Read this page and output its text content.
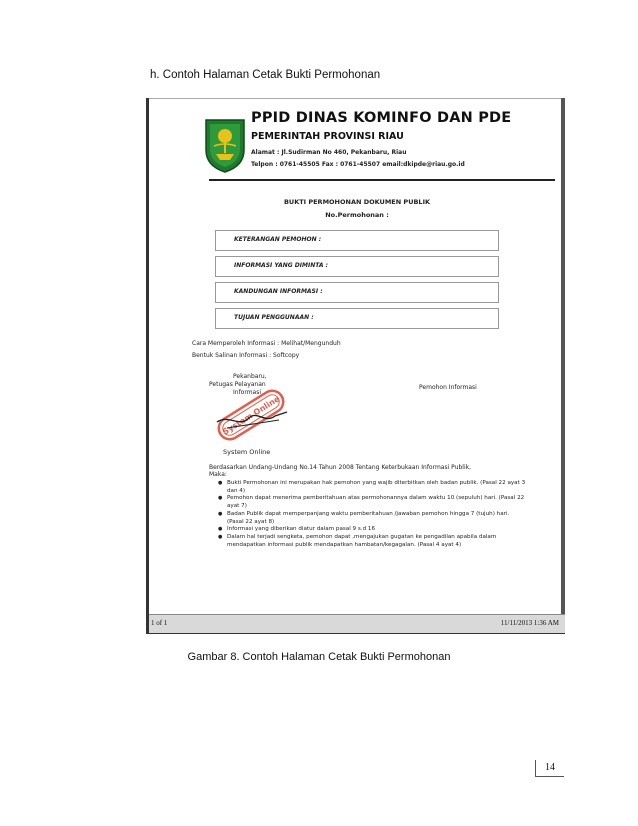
h. Contoh Halaman Cetak Bukti Permohonan
PPID DINAS KOMINFO DAN PDE
PEMERINTAH PROVINSI RIAU
Alamat : Jl.Sudirman No 460, Pekanbaru, Riau
Telpon : 0761-45505 Fax : 0761-45507 email:dkipde@riau.go.id
BUKTI PERMOHONAN DOKUMEN PUBLIK
No.Permohonan :
KETERANGAN PEMOHON :
INFORMASI YANG DIMINTA :
KANDUNGAN INFORMASI :
TUJUAN PENGGUNAAN :
Cara Memperoleh Informasi : Melihat/Mengunduh
Bentuk Salinan Informasi : Softcopy
Pekanbaru,
Petugas Pelayanan
Informasi
Pemohon Informasi
System Online
System Online
Berdasarkan Undang-Undang No.14 Tahun 2008 Tentang Keterbukaan Informasi Publik,
Maka:
● Bukti Permohonan ini merupakan hak pemohon yang wajib diterbitkan oleh badan publik. (Pasal 22 ayat 3 dan 4)
● Pemohon dapat menerima pemberitahuan atas permohonannya dalam waktu 10 (sepuluh) hari. (Pasal 22 ayat 7)
● Badan Publik dapat memperpanjang waktu pemberitahuan /jawaban pemohon hingga 7 (tujuh) hari. (Pasal 22 ayat 8)
● Informasi yang diberikan diatur dalam pasal 9 s.d 16
● Dalam hal terjadi sengketa, pemohon dapat ,mengajukan gugatan ke pengadilan apabila dalam mendapatkan informasi publik mendapatkan hambatan/kegagalan. (Pasal 4 ayat 4)
1 of 1	11/11/2013 1:36 AM
Gambar 8. Contoh Halaman Cetak Bukti Permohonan
14
